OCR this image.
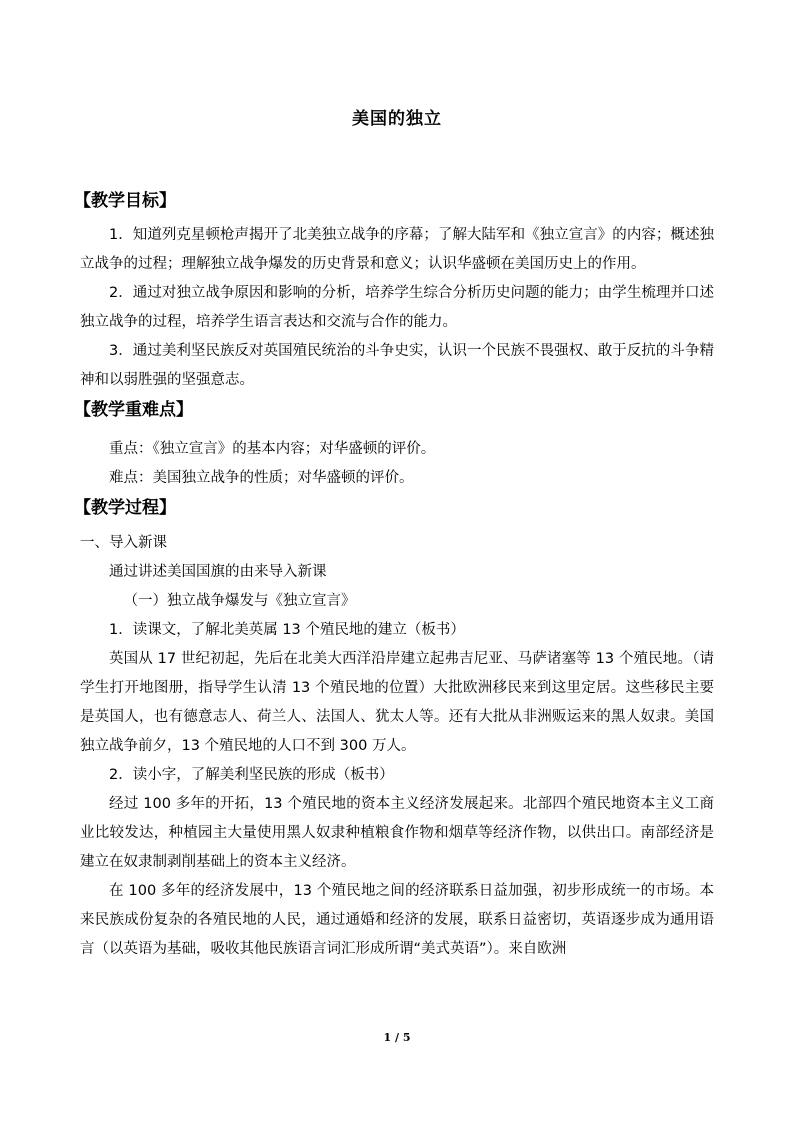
美国的独立

【教学目标】

1．知道列克星顿枪声揭开了北美独立战争的序幕；了解大陆军和《独立宣言》的内容；概述独立战争的过程；理解独立战争爆发的历史背景和意义；认识华盛顿在美国历史上的作用。

2．通过对独立战争原因和影响的分析，培养学生综合分析历史问题的能力；由学生梳理并口述独立战争的过程，培养学生语言表达和交流与合作的能力。

3．通过美利坚民族反对英国殖民统治的斗争史实，认识一个民族不畏强权、敢于反抗的斗争精神和以弱胜强的坚强意志。

【教学重难点】

重点：《独立宣言》的基本内容；对华盛顿的评价。

难点：美国独立战争的性质；对华盛顿的评价。

【教学过程】

一、导入新课

通过讲述美国国旗的由来导入新课

（一）独立战争爆发与《独立宣言》

1．读课文，了解北美英属 13 个殖民地的建立（板书）

英国从 17 世纪初起，先后在北美大西洋沿岸建立起弗吉尼亚、马萨诸塞等 13 个殖民地。（请学生打开地图册，指导学生认清 13 个殖民地的位置）大批欧洲移民来到这里定居。这些移民主要是英国人，也有德意志人、荷兰人、法国人、犹太人等。还有大批从非洲贩运来的黑人奴隶。美国独立战争前夕，13 个殖民地的人口不到 300 万人。

2．读小字，了解美利坚民族的形成（板书）

经过 100 多年的开拓，13 个殖民地的资本主义经济发展起来。北部四个殖民地资本主义工商业比较发达，种植园主大量使用黑人奴隶种植粮食作物和烟草等经济作物，以供出口。南部经济是建立在奴隶制剥削基础上的资本主义经济。

在 100 多年的经济发展中，13 个殖民地之间的经济联系日益加强，初步形成统一的市场。本来民族成份复杂的各殖民地的人民，通过通婚和经济的发展，联系日益密切，英语逐步成为通用语言（以英语为基础，吸收其他民族语言词汇形成所谓“美式英语”）。来自欧洲

1 / 5
